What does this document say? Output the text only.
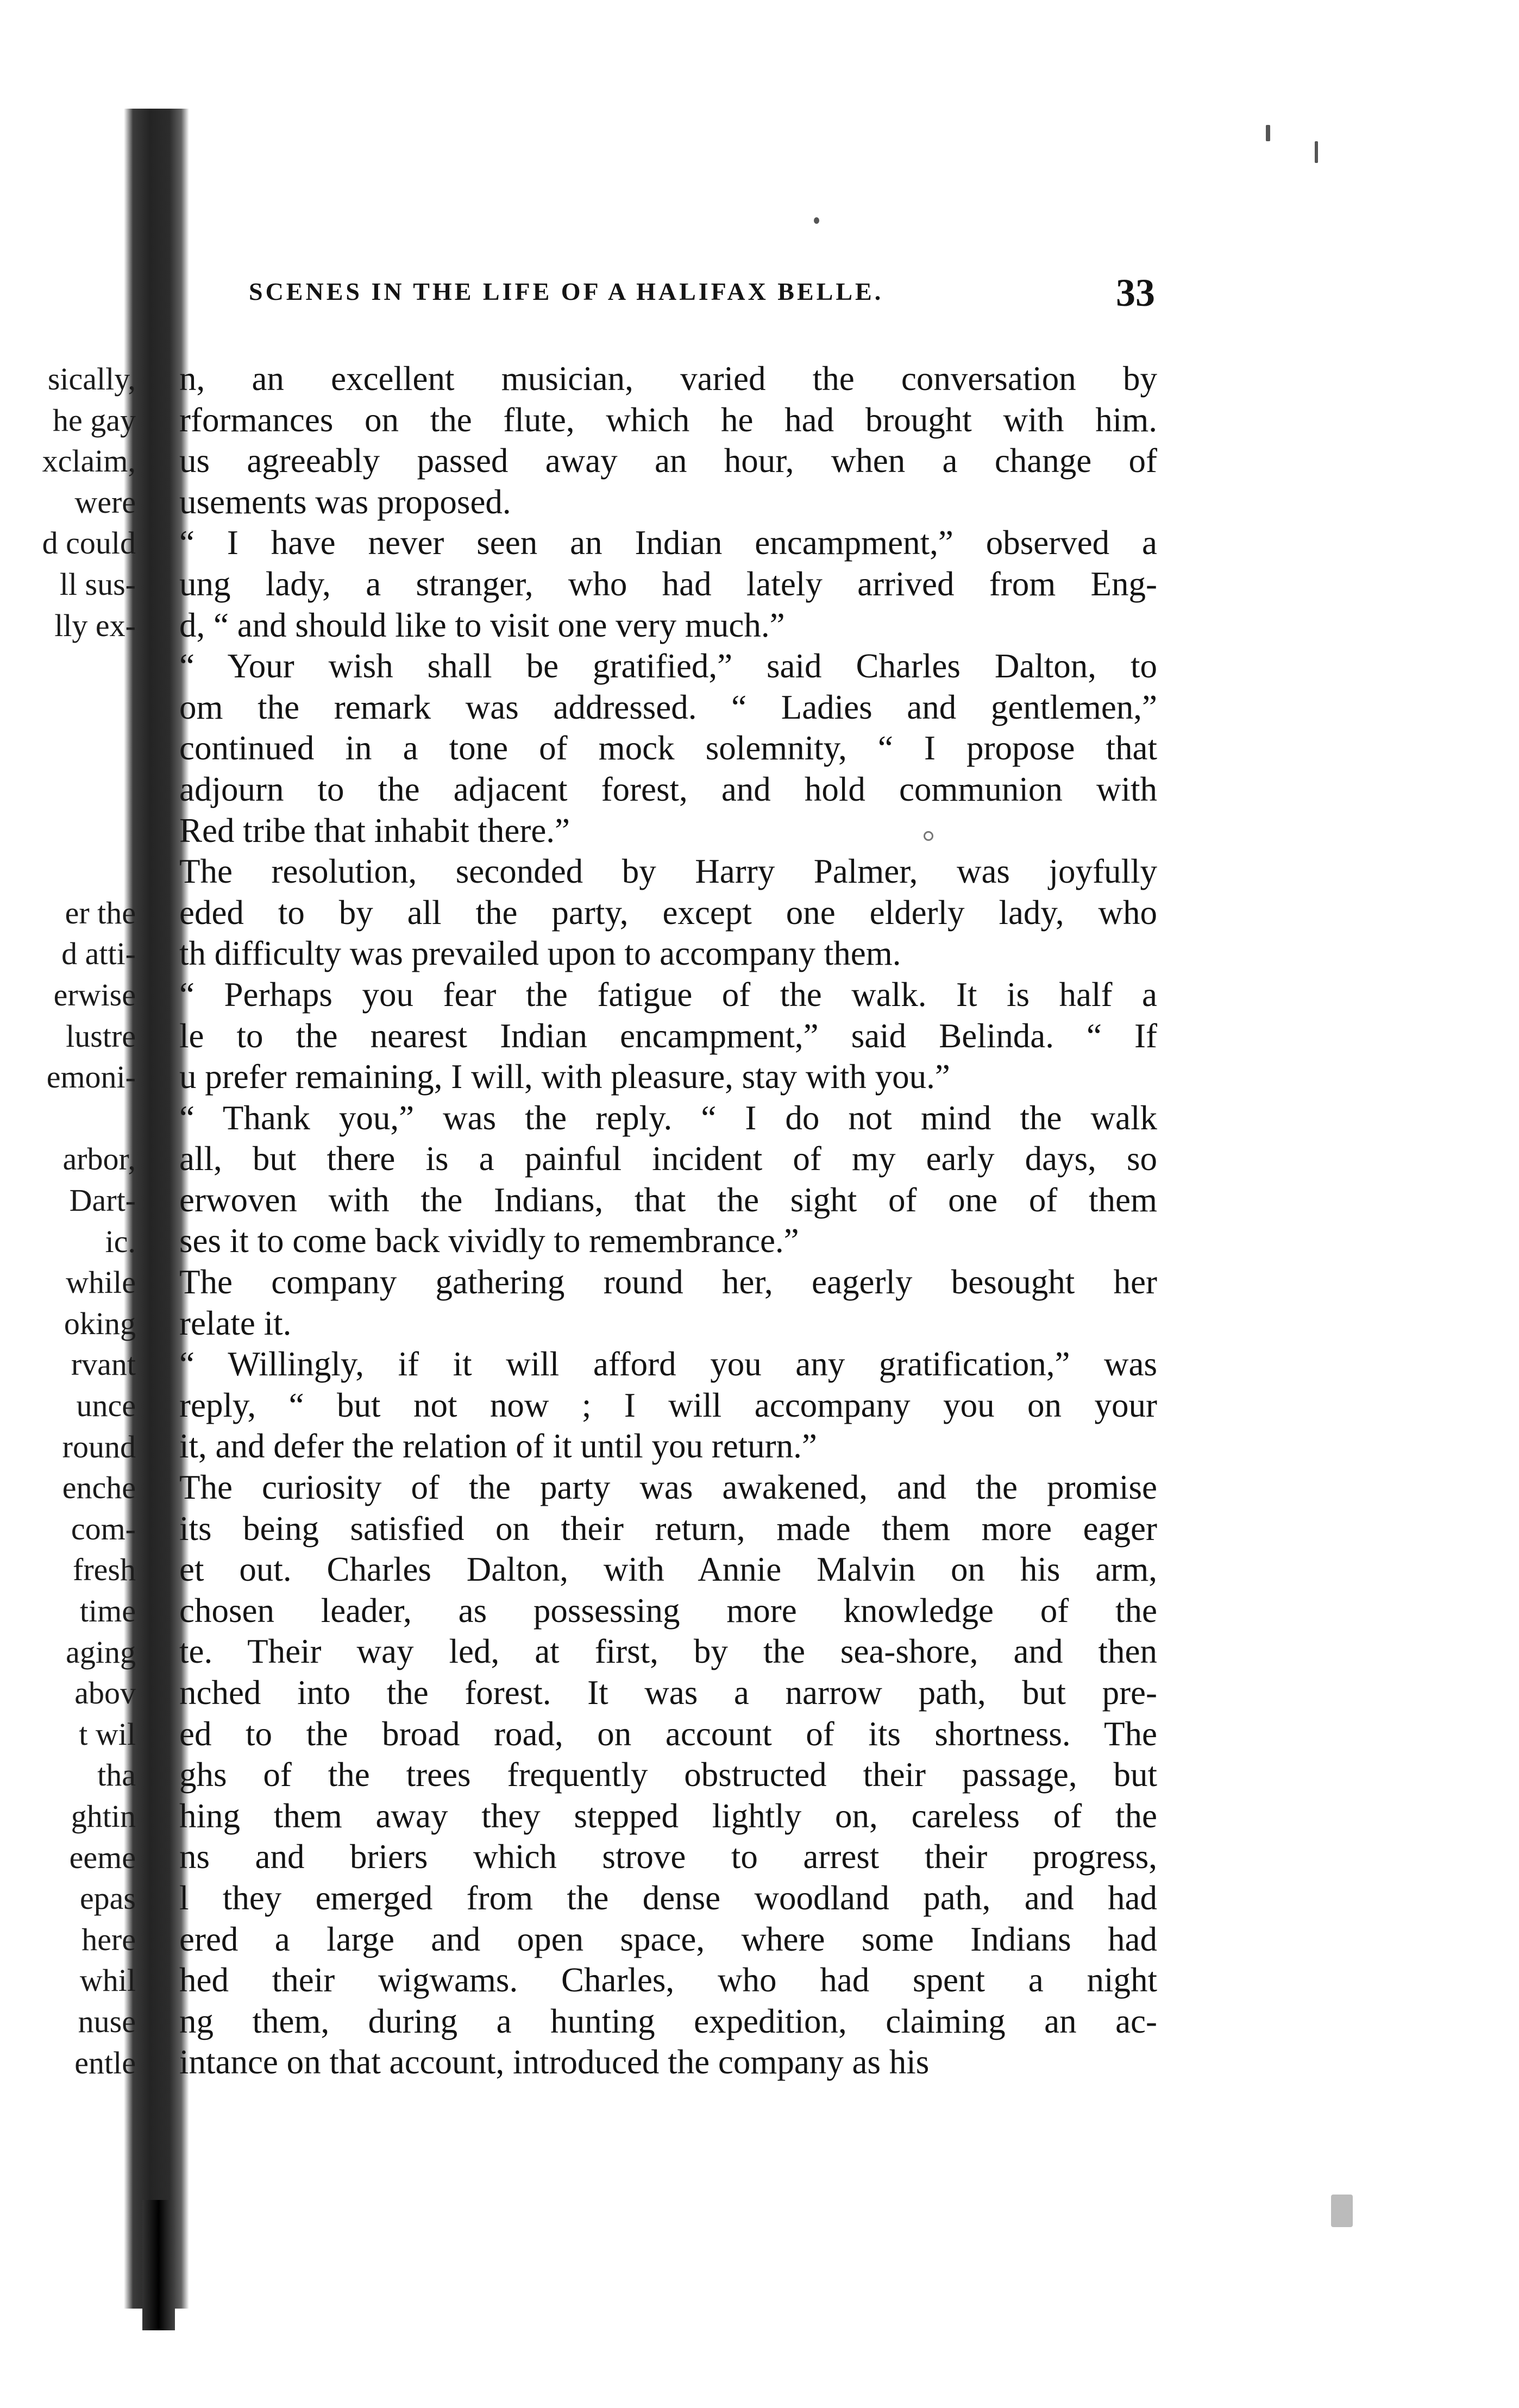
SCENES IN THE LIFE OF A HALIFAX BELLE.	33
sically,
he gay
xclaim,
were
d could
ll sus-
lly ex-
er the
d atti-
erwise
lustre
emoni-
arbor,
Dart-
ic.
while
oking
rvant
unce
round
enche
com-
fresh
time
aging
abov
t wil
tha
ghtin
eeme
epas
here
whil
nuse
entle
n, an excellent musician, varied the conversation by
rformances on the flute, which he had brought with him.
us agreeably passed away an hour, when a change of
usements was proposed.
“ I have never seen an Indian encampment,” observed a
ung lady, a stranger, who had lately arrived from Eng-
d, “ and should like to visit one very much.”
“ Your wish shall be gratified,” said Charles Dalton, to
om the remark was addressed. “ Ladies and gentlemen,”
continued in a tone of mock solemnity, “ I propose that
adjourn to the adjacent forest, and hold communion with
Red tribe that inhabit there.”
The resolution, seconded by Harry Palmer, was joyfully
eded to by all the party, except one elderly lady, who
th difficulty was prevailed upon to accompany them.
“ Perhaps you fear the fatigue of the walk. It is half a
le to the nearest Indian encampment,” said Belinda. “ If
u prefer remaining, I will, with pleasure, stay with you.”
“ Thank you,” was the reply. “ I do not mind the walk
all, but there is a painful incident of my early days, so
erwoven with the Indians, that the sight of one of them
ses it to come back vividly to remembrance.”
The company gathering round her, eagerly besought her
relate it.
“ Willingly, if it will afford you any gratification,” was
reply, “ but not now ; I will accompany you on your
it, and defer the relation of it until you return.”
The curiosity of the party was awakened, and the promise
its being satisfied on their return, made them more eager
et out. Charles Dalton, with Annie Malvin on his arm,
chosen leader, as possessing more knowledge of the
te. Their way led, at first, by the sea-shore, and then
nched into the forest. It was a narrow path, but pre-
ed to the broad road, on account of its shortness. The
ghs of the trees frequently obstructed their passage, but
hing them away they stepped lightly on, careless of the
ns and briers which strove to arrest their progress,
l they emerged from the dense woodland path, and had
ered a large and open space, where some Indians had
hed their wigwams. Charles, who had spent a night
ng them, during a hunting expedition, claiming an ac-
intance on that account, introduced the company as his
